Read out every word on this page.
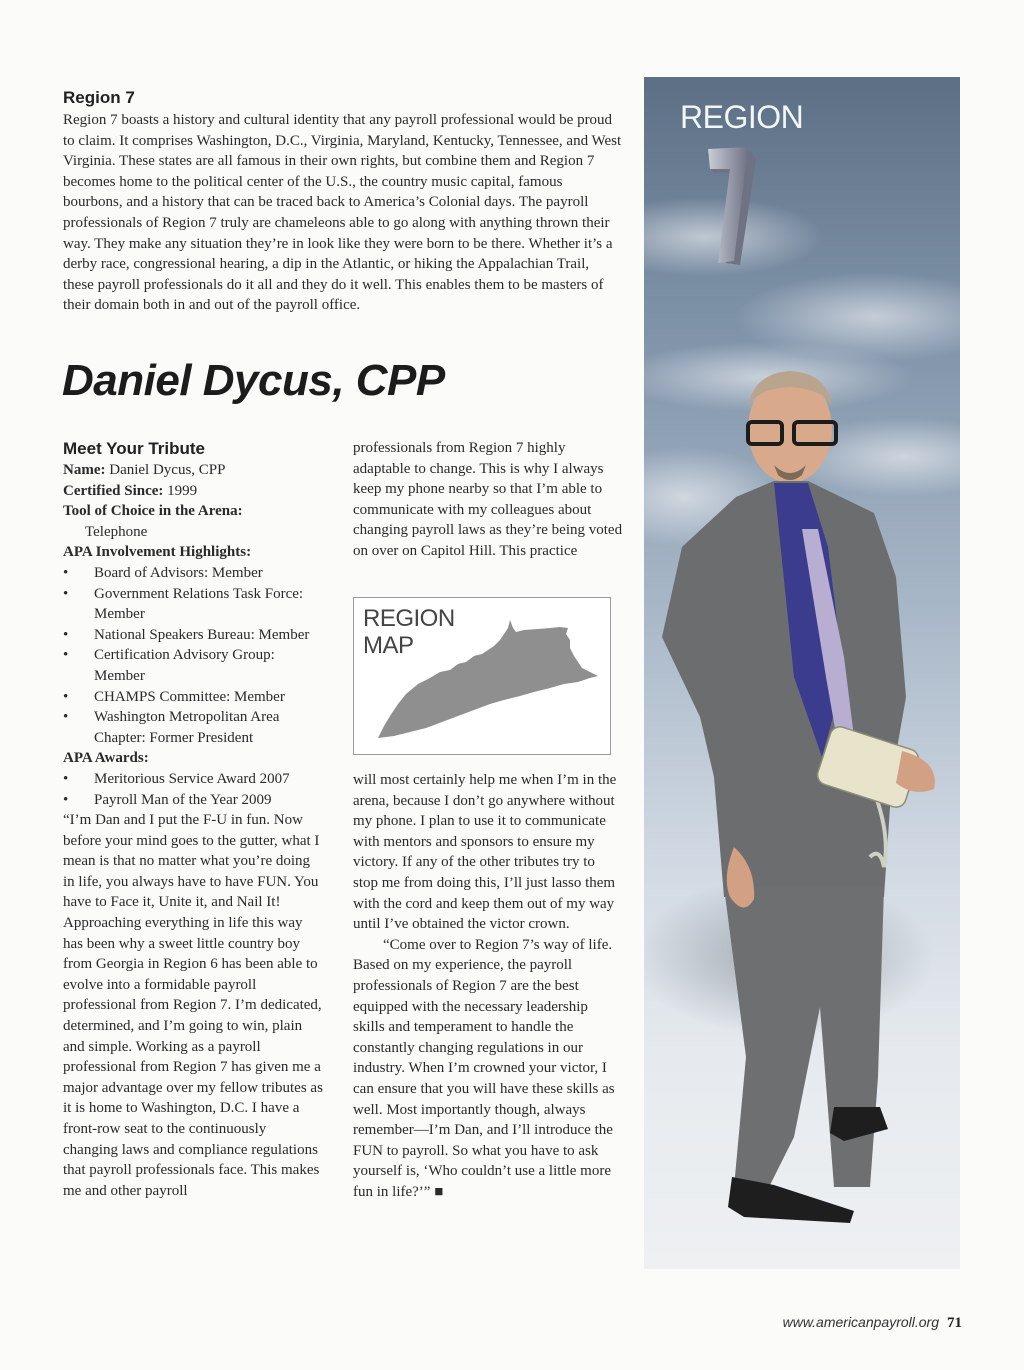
Region 7

Region 7 boasts a history and cultural identity that any payroll professional would be proud to claim. It comprises Washington, D.C., Virginia, Maryland, Kentucky, Tennessee, and West Virginia. These states are all famous in their own rights, but combine them and Region 7 becomes home to the political center of the U.S., the country music capital, famous bourbons, and a history that can be traced back to America’s Colonial days. The payroll professionals of Region 7 truly are chameleons able to go along with anything thrown their way. They make any situation they’re in look like they were born to be there. Whether it’s a derby race, congressional hearing, a dip in the Atlantic, or hiking the Appalachian Trail, these payroll professionals do it all and they do it well. This enables them to be masters of their domain both in and out of the payroll office.

Daniel Dycus, CPP
Meet Your Tribute
Name: Daniel Dycus, CPP
Certified Since: 1999
Tool of Choice in the Arena:
Telephone
APA Involvement Highlights:
• Board of Advisors: Member
• Government Relations Task Force: Member
• National Speakers Bureau: Member
• Certification Advisory Group: Member
• CHAMPS Committee: Member
• Washington Metropolitan Area Chapter: Former President
APA Awards:
• Meritorious Service Award 2007
• Payroll Man of the Year 2009

“I’m Dan and I put the F-U in fun. Now before your mind goes to the gutter, what I mean is that no matter what you’re doing in life, you always have to have FUN. You have to Face it, Unite it, and Nail It! Approaching everything in life this way has been why a sweet little country boy from Georgia in Region 6 has been able to evolve into a formidable payroll professional from Region 7. I’m dedicated, determined, and I’m going to win, plain and simple. Working as a payroll professional from Region 7 has given me a major advantage over my fellow tributes as it is home to Washington, D.C. I have a front-row seat to the continuously changing laws and compliance regulations that payroll professionals face. This makes me and other payroll

professionals from Region 7 highly adaptable to change. This is why I always keep my phone nearby so that I’m able to communicate with my colleagues about changing payroll laws as they’re being voted on over on Capitol Hill. This practice

REGION
MAP

will most certainly help me when I’m in the arena, because I don’t go anywhere without my phone. I plan to use it to communicate with mentors and sponsors to ensure my victory. If any of the other tributes try to stop me from doing this, I’ll just lasso them with the cord and keep them out of my way until I’ve obtained the victor crown.

“Come over to Region 7’s way of life. Based on my experience, the payroll professionals of Region 7 are the best equipped with the necessary leadership skills and temperament to handle the constantly changing regulations in our industry. When I’m crowned your victor, I can ensure that you will have these skills as well. Most importantly though, always remember—I’m Dan, and I’ll introduce the FUN to payroll. So what you have to ask yourself is, ‘Who couldn’t use a little more fun in life?’” ■

REGION
www.americanpayroll.org 71
